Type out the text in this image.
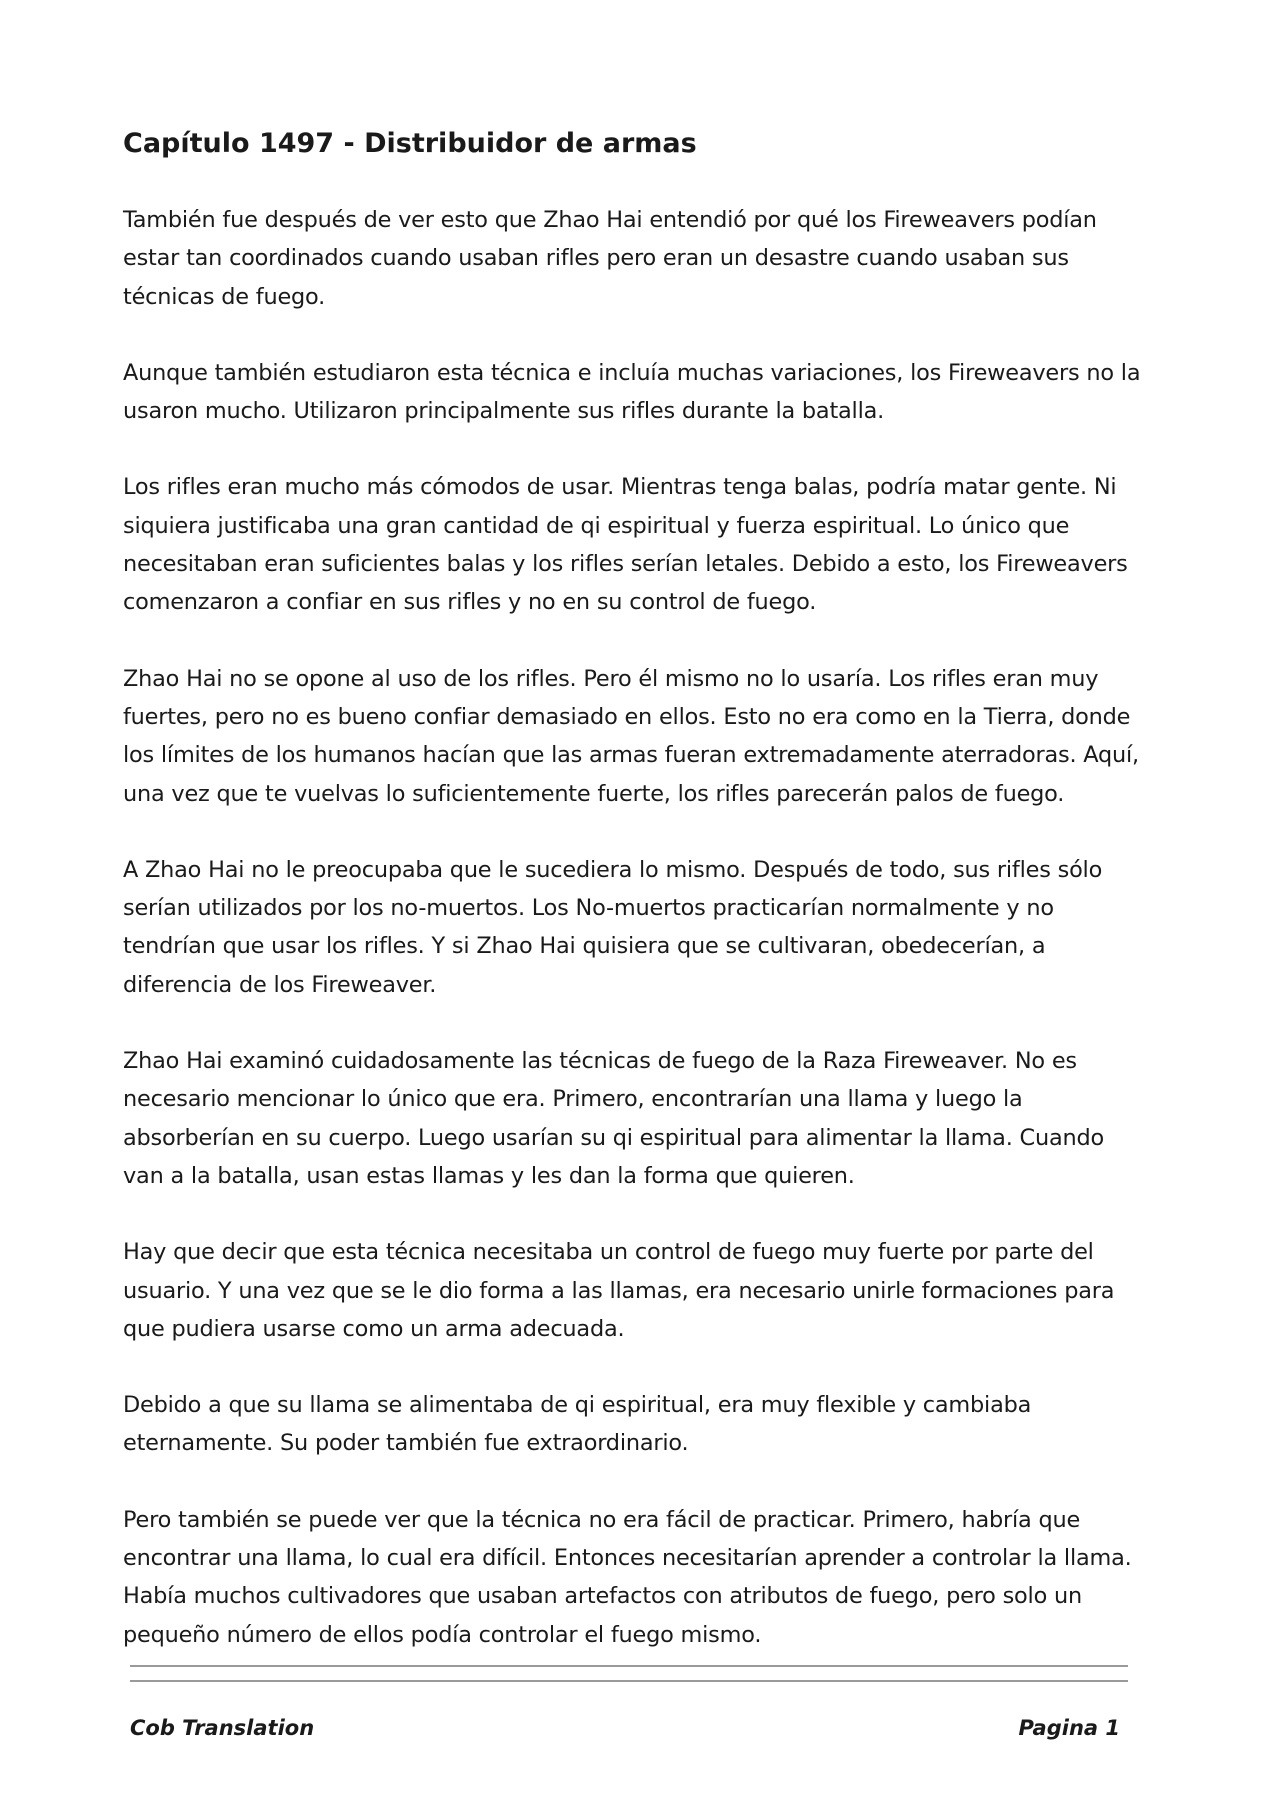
Capítulo 1497 - Distribuidor de armas

También fue después de ver esto que Zhao Hai entendió por qué los Fireweavers podían estar tan coordinados cuando usaban rifles pero eran un desastre cuando usaban sus técnicas de fuego.

Aunque también estudiaron esta técnica e incluía muchas variaciones, los Fireweavers no la usaron mucho. Utilizaron principalmente sus rifles durante la batalla.

Los rifles eran mucho más cómodos de usar. Mientras tenga balas, podría matar gente. Ni siquiera justificaba una gran cantidad de qi espiritual y fuerza espiritual. Lo único que necesitaban eran suficientes balas y los rifles serían letales. Debido a esto, los Fireweavers comenzaron a confiar en sus rifles y no en su control de fuego.

Zhao Hai no se opone al uso de los rifles. Pero él mismo no lo usaría. Los rifles eran muy fuertes, pero no es bueno confiar demasiado en ellos. Esto no era como en la Tierra, donde los límites de los humanos hacían que las armas fueran extremadamente aterradoras. Aquí, una vez que te vuelvas lo suficientemente fuerte, los rifles parecerán palos de fuego.

A Zhao Hai no le preocupaba que le sucediera lo mismo. Después de todo, sus rifles sólo serían utilizados por los no-muertos. Los No-muertos practicarían normalmente y no tendrían que usar los rifles. Y si Zhao Hai quisiera que se cultivaran, obedecerían, a diferencia de los Fireweaver.

Zhao Hai examinó cuidadosamente las técnicas de fuego de la Raza Fireweaver. No es necesario mencionar lo único que era. Primero, encontrarían una llama y luego la absorberían en su cuerpo. Luego usarían su qi espiritual para alimentar la llama. Cuando van a la batalla, usan estas llamas y les dan la forma que quieren.

Hay que decir que esta técnica necesitaba un control de fuego muy fuerte por parte del usuario. Y una vez que se le dio forma a las llamas, era necesario unirle formaciones para que pudiera usarse como un arma adecuada.

Debido a que su llama se alimentaba de qi espiritual, era muy flexible y cambiaba eternamente. Su poder también fue extraordinario.

Pero también se puede ver que la técnica no era fácil de practicar. Primero, habría que encontrar una llama, lo cual era difícil. Entonces necesitarían aprender a controlar la llama. Había muchos cultivadores que usaban artefactos con atributos de fuego, pero solo un pequeño número de ellos podía controlar el fuego mismo.

Cob Translation	Pagina 1
